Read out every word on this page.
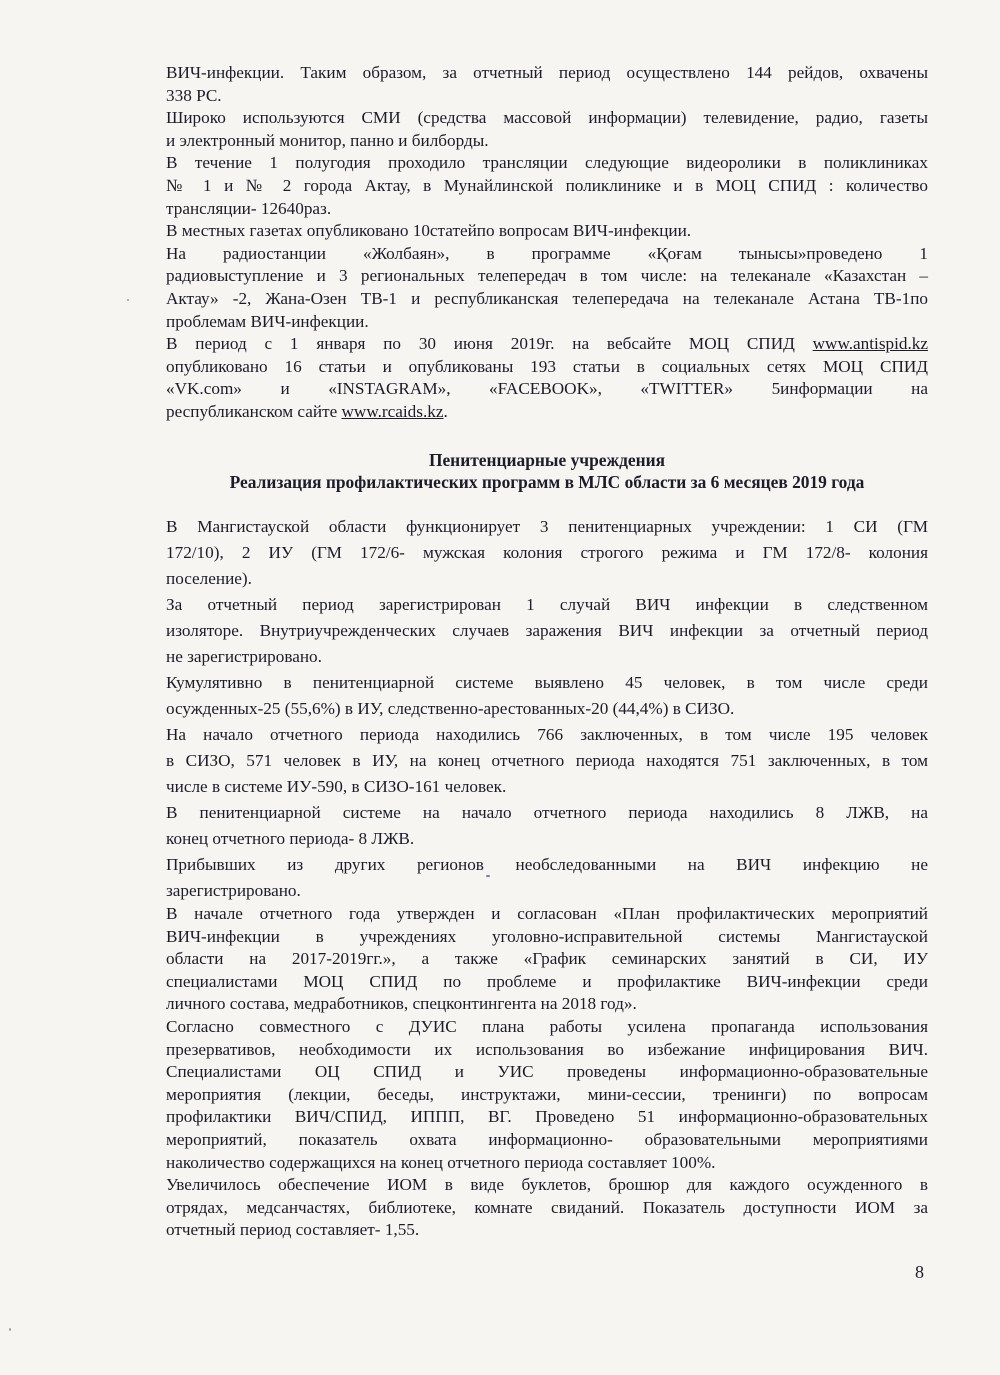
ВИЧ-инфекции. Таким образом, за отчетный период осуществлено 144 рейдов, охвачены
338 РС.
Широко используются СМИ (средства массовой информации) телевидение, радио, газеты
и электронный монитор, панно и билборды.
В течение 1 полугодия проходило трансляции следующие видеоролики в поликлиниках
№ 1 и № 2 города Актау, в Мунайлинской поликлинике и в МОЦ СПИД : количество
трансляции- 12640раз.
В местных газетах опубликовано 10статейпо вопросам ВИЧ-инфекции.
На радиостанции «Жолбаян», в программе «Қоғам тынысы»проведено 1
радиовыступление и 3 региональных телепередач в том числе: на телеканале «Казахстан –
Актау» -2, Жана-Озен ТВ-1 и республиканская телепередача на телеканале Астана ТВ-1по
проблемам ВИЧ-инфекции.
В период с 1 января по 30 июня 2019г. на вебсайте МОЦ СПИД www.antispid.kz
опубликовано 16 статьи и опубликованы 193 статьи в социальных сетях МОЦ СПИД
«VK.com» и «INSTAGRAM», «FACEBOOK», «TWITTER» 5информации на
республиканском сайте www.rcaids.kz.
Пенитенциарные учреждения
Реализация профилактических программ в МЛС области за 6 месяцев 2019 года
В Мангистауской области функционирует 3 пенитенциарных учреждении: 1 СИ (ГМ
172/10), 2 ИУ (ГМ 172/6- мужская колония строгого режима и ГМ 172/8- колония
поселение).
За отчетный период зарегистрирован 1 случай ВИЧ инфекции в следственном
изоляторе. Внутриучрежденческих случаев заражения ВИЧ инфекции за отчетный период
не зарегистрировано.
Кумулятивно в пенитенциарной системе выявлено 45 человек, в том числе среди
осужденных-25 (55,6%) в ИУ, следственно-арестованных-20 (44,4%) в СИЗО.
На начало отчетного периода находились 766 заключенных, в том числе 195 человек
в СИЗО, 571 человек в ИУ, на конец отчетного периода находятся 751 заключенных, в том
числе в системе ИУ-590, в СИЗО-161 человек.
В пенитенциарной системе на начало отчетного периода находились 8 ЛЖВ, на
конец отчетного периода- 8 ЛЖВ.
Прибывших из других регионов необследованными на ВИЧ инфекцию не
зарегистрировано.
В начале отчетного года утвержден и согласован «План профилактических мероприятий
ВИЧ-инфекции в учреждениях уголовно-исправительной системы Мангистауской
области на 2017-2019гг.», а также «График семинарских занятий в СИ, ИУ
специалистами МОЦ СПИД по проблеме и профилактике ВИЧ-инфекции среди
личного состава, медработников, спецконтингента на 2018 год».
Согласно совместного с ДУИС плана работы усилена пропаганда использования
презервативов, необходимости их использования во избежание инфицирования ВИЧ.
Специалистами ОЦ СПИД и УИС проведены информационно-образовательные
мероприятия (лекции, беседы, инструктажи, мини-сессии, тренинги) по вопросам
профилактики ВИЧ/СПИД, ИППП, ВГ. Проведено 51 информационно-образовательных
мероприятий, показатель охвата информационно- образовательными мероприятиями
наколичество содержащихся на конец отчетного периода составляет 100%.
Увеличилось обеспечение ИОМ в виде буклетов, брошюр для каждого осужденного в
отрядах, медсанчастях, библиотеке, комнате свиданий. Показатель доступности ИОМ за
отчетный период составляет- 1,55.
8
